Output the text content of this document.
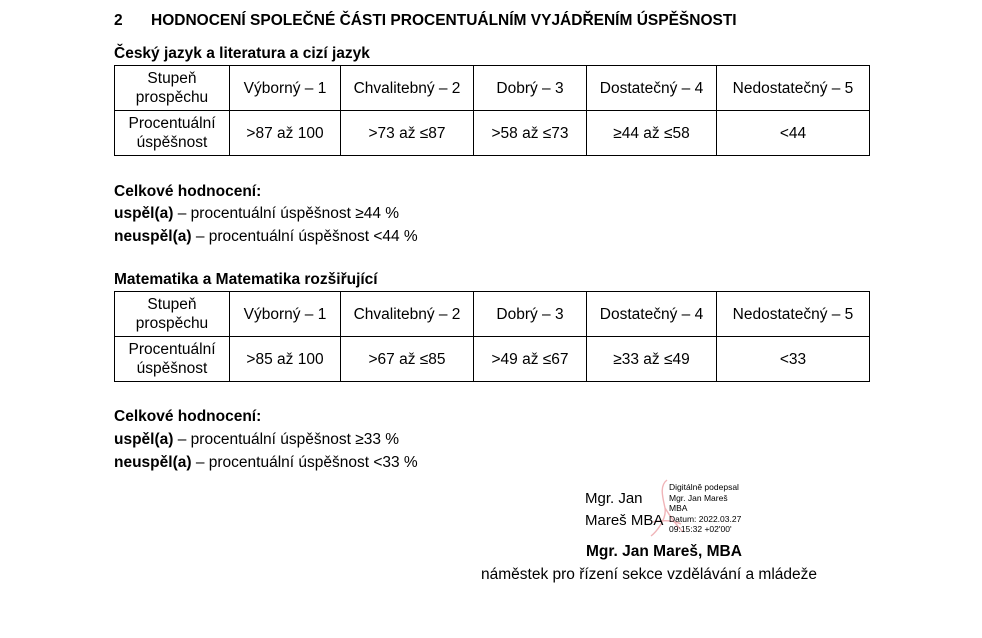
2 HODNOCENÍ SPOLEČNÉ ČÁSTI PROCENTUÁLNÍM VYJÁDŘENÍM ÚSPĚŠNOSTI
Český jazyk a literatura a cizí jazyk
Stupeň
prospěchu	Výborný – 1	Chvalitebný – 2	Dobrý – 3	Dostatečný – 4	Nedostatečný – 5
Procentuální
úspěšnost	>87 až 100	>73 až ≤87	>58 až ≤73	≥44 až ≤58	<44
Celkové hodnocení:
uspěl(a) – procentuální úspěšnost ≥44 %
neuspěl(a) – procentuální úspěšnost <44 %
Matematika a Matematika rozšiřující
Stupeň
prospěchu	Výborný – 1	Chvalitebný – 2	Dobrý – 3	Dostatečný – 4	Nedostatečný – 5
Procentuální
úspěšnost	>85 až 100	>67 až ≤85	>49 až ≤67	≥33 až ≤49	<33
Celkové hodnocení:
uspěl(a) – procentuální úspěšnost ≥33 %
neuspěl(a) – procentuální úspěšnost <33 %
Mgr. Jan
Mareš MBA
Digitálně podepsal
Mgr. Jan Mareš
MBA
Datum: 2022.03.27
09:15:32 +02'00'
Mgr. Jan Mareš, MBA
náměstek pro řízení sekce vzdělávání a mládeže
